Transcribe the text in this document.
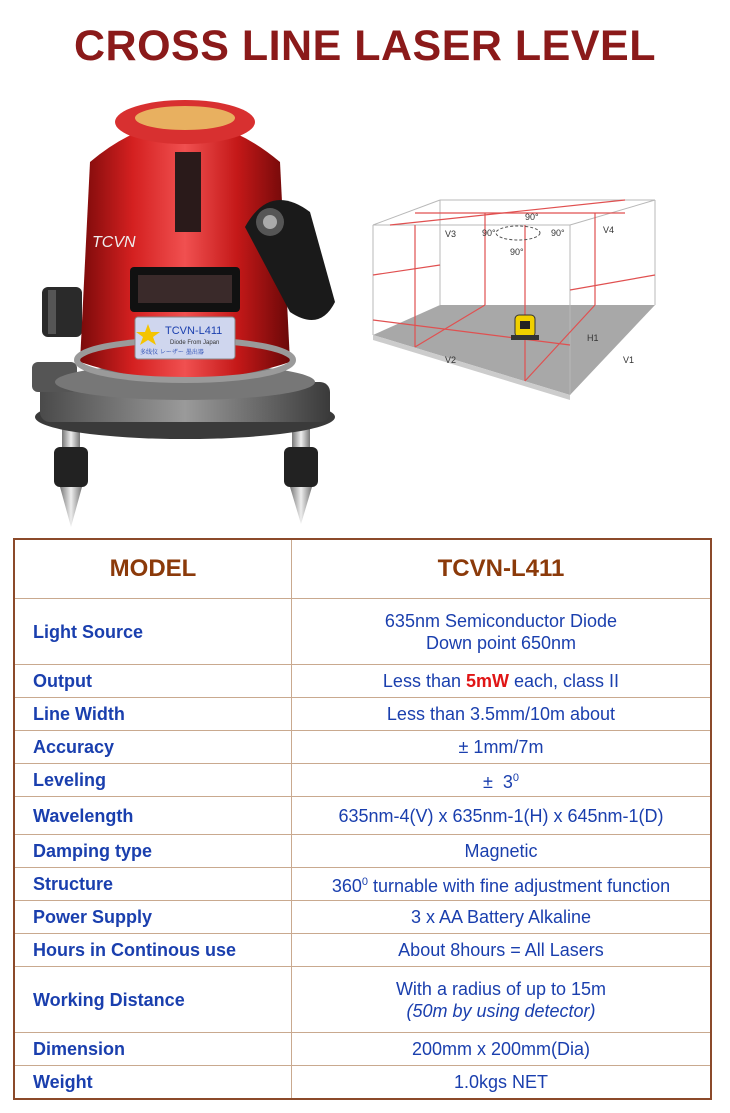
CROSS LINE LASER LEVEL
TCVN-L411
Diode From Japan
多线仪 レーザー 墨出器
TCVN
90°
90°	90°
90°
V3	V4
V2	V1
H1
MODEL	TCVN-L411
Light Source	635nm Semiconductor Diode
Down point 650nm

Output	Less than 5mW each, class II
Line Width	Less than 3.5mm/10m about
Accuracy	± 1mm/7m
Leveling	±  $3^0$
Wavelength	635nm-4(V) x 635nm-1(H) x 645nm-1(D)
Damping type	Magnetic
Structure	$360^0$ turnable with fine adjustment function
Power Supply	3 x AA Battery Alkaline
Hours in Continous use	About 8hours = All Lasers
Working Distance	With a radius of up to 15m
(50m by using detector)

Dimension	200mm x 200mm(Dia)
Weight	1.0kgs NET
